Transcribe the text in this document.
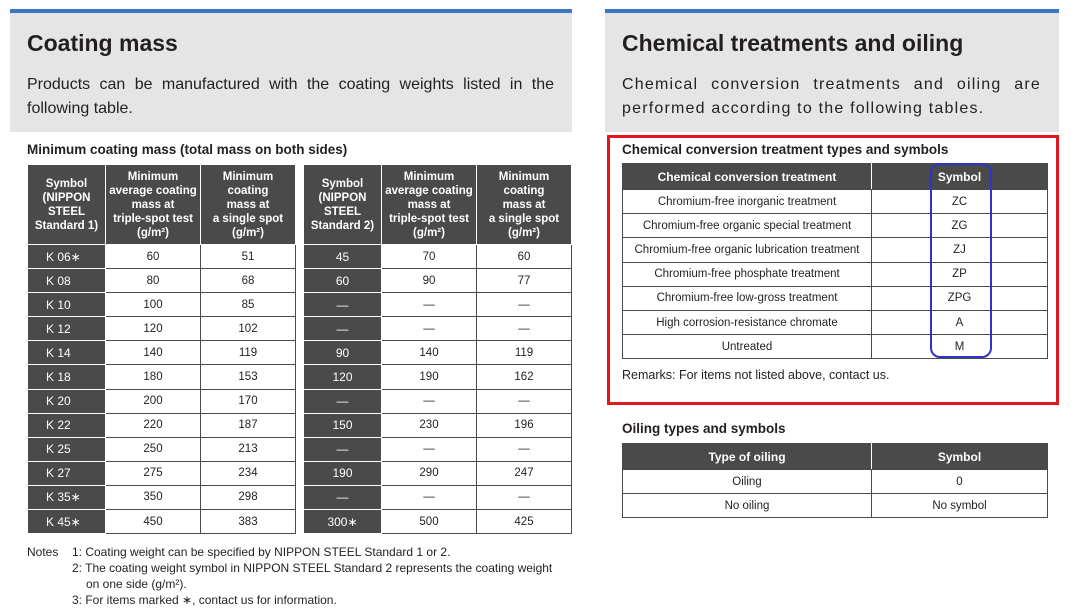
Coating mass
Products can be manufactured with the coating weights listed in the following table.
Chemical treatments and oiling
Chemical conversion treatments and oiling are performed according to the following tables.
Minimum coating mass (total mass on both sides)
Symbol
(NIPPON
STEEL
Standard 1)	Minimum
average coating
mass at
triple-spot test
(g/m²)	Minimum
coating
mass at
a single spot
(g/m²)
K 06∗	60	51
K 08	80	68
K 10	100	85
K 12	120	102
K 14	140	119
K 18	180	153
K 20	200	170
K 22	220	187
K 25	250	213
K 27	275	234
K 35∗	350	298
K 45∗	450	383
Symbol
(NIPPON
STEEL
Standard 2)	Minimum
average coating
mass at
triple-spot test
(g/m²)	Minimum
coating
mass at
a single spot
(g/m²)
45	70	60
60	90	77
—	—	—
—	—	—
90	140	119
120	190	162
—	—	—
150	230	196
—	—	—
190	290	247
—	—	—
300∗	500	425
Notes 1: Coating weight can be specified by NIPPON STEEL Standard 1 or 2.
2: The coating weight symbol in NIPPON STEEL Standard 2 represents the coating weight
on one side (g/m²).
3: For items marked ∗, contact us for information.
Chemical conversion treatment types and symbols
Chemical conversion treatment	Symbol
Chromium-free inorganic treatment	ZC
Chromium-free organic special treatment	ZG
Chromium-free organic lubrication treatment	ZJ
Chromium-free phosphate treatment	ZP
Chromium-free low-gross treatment	ZPG
High corrosion-resistance chromate	A
Untreated	M
Remarks: For items not listed above, contact us.
Oiling types and symbols
Type of oiling	Symbol
Oiling	0
No oiling	No symbol
